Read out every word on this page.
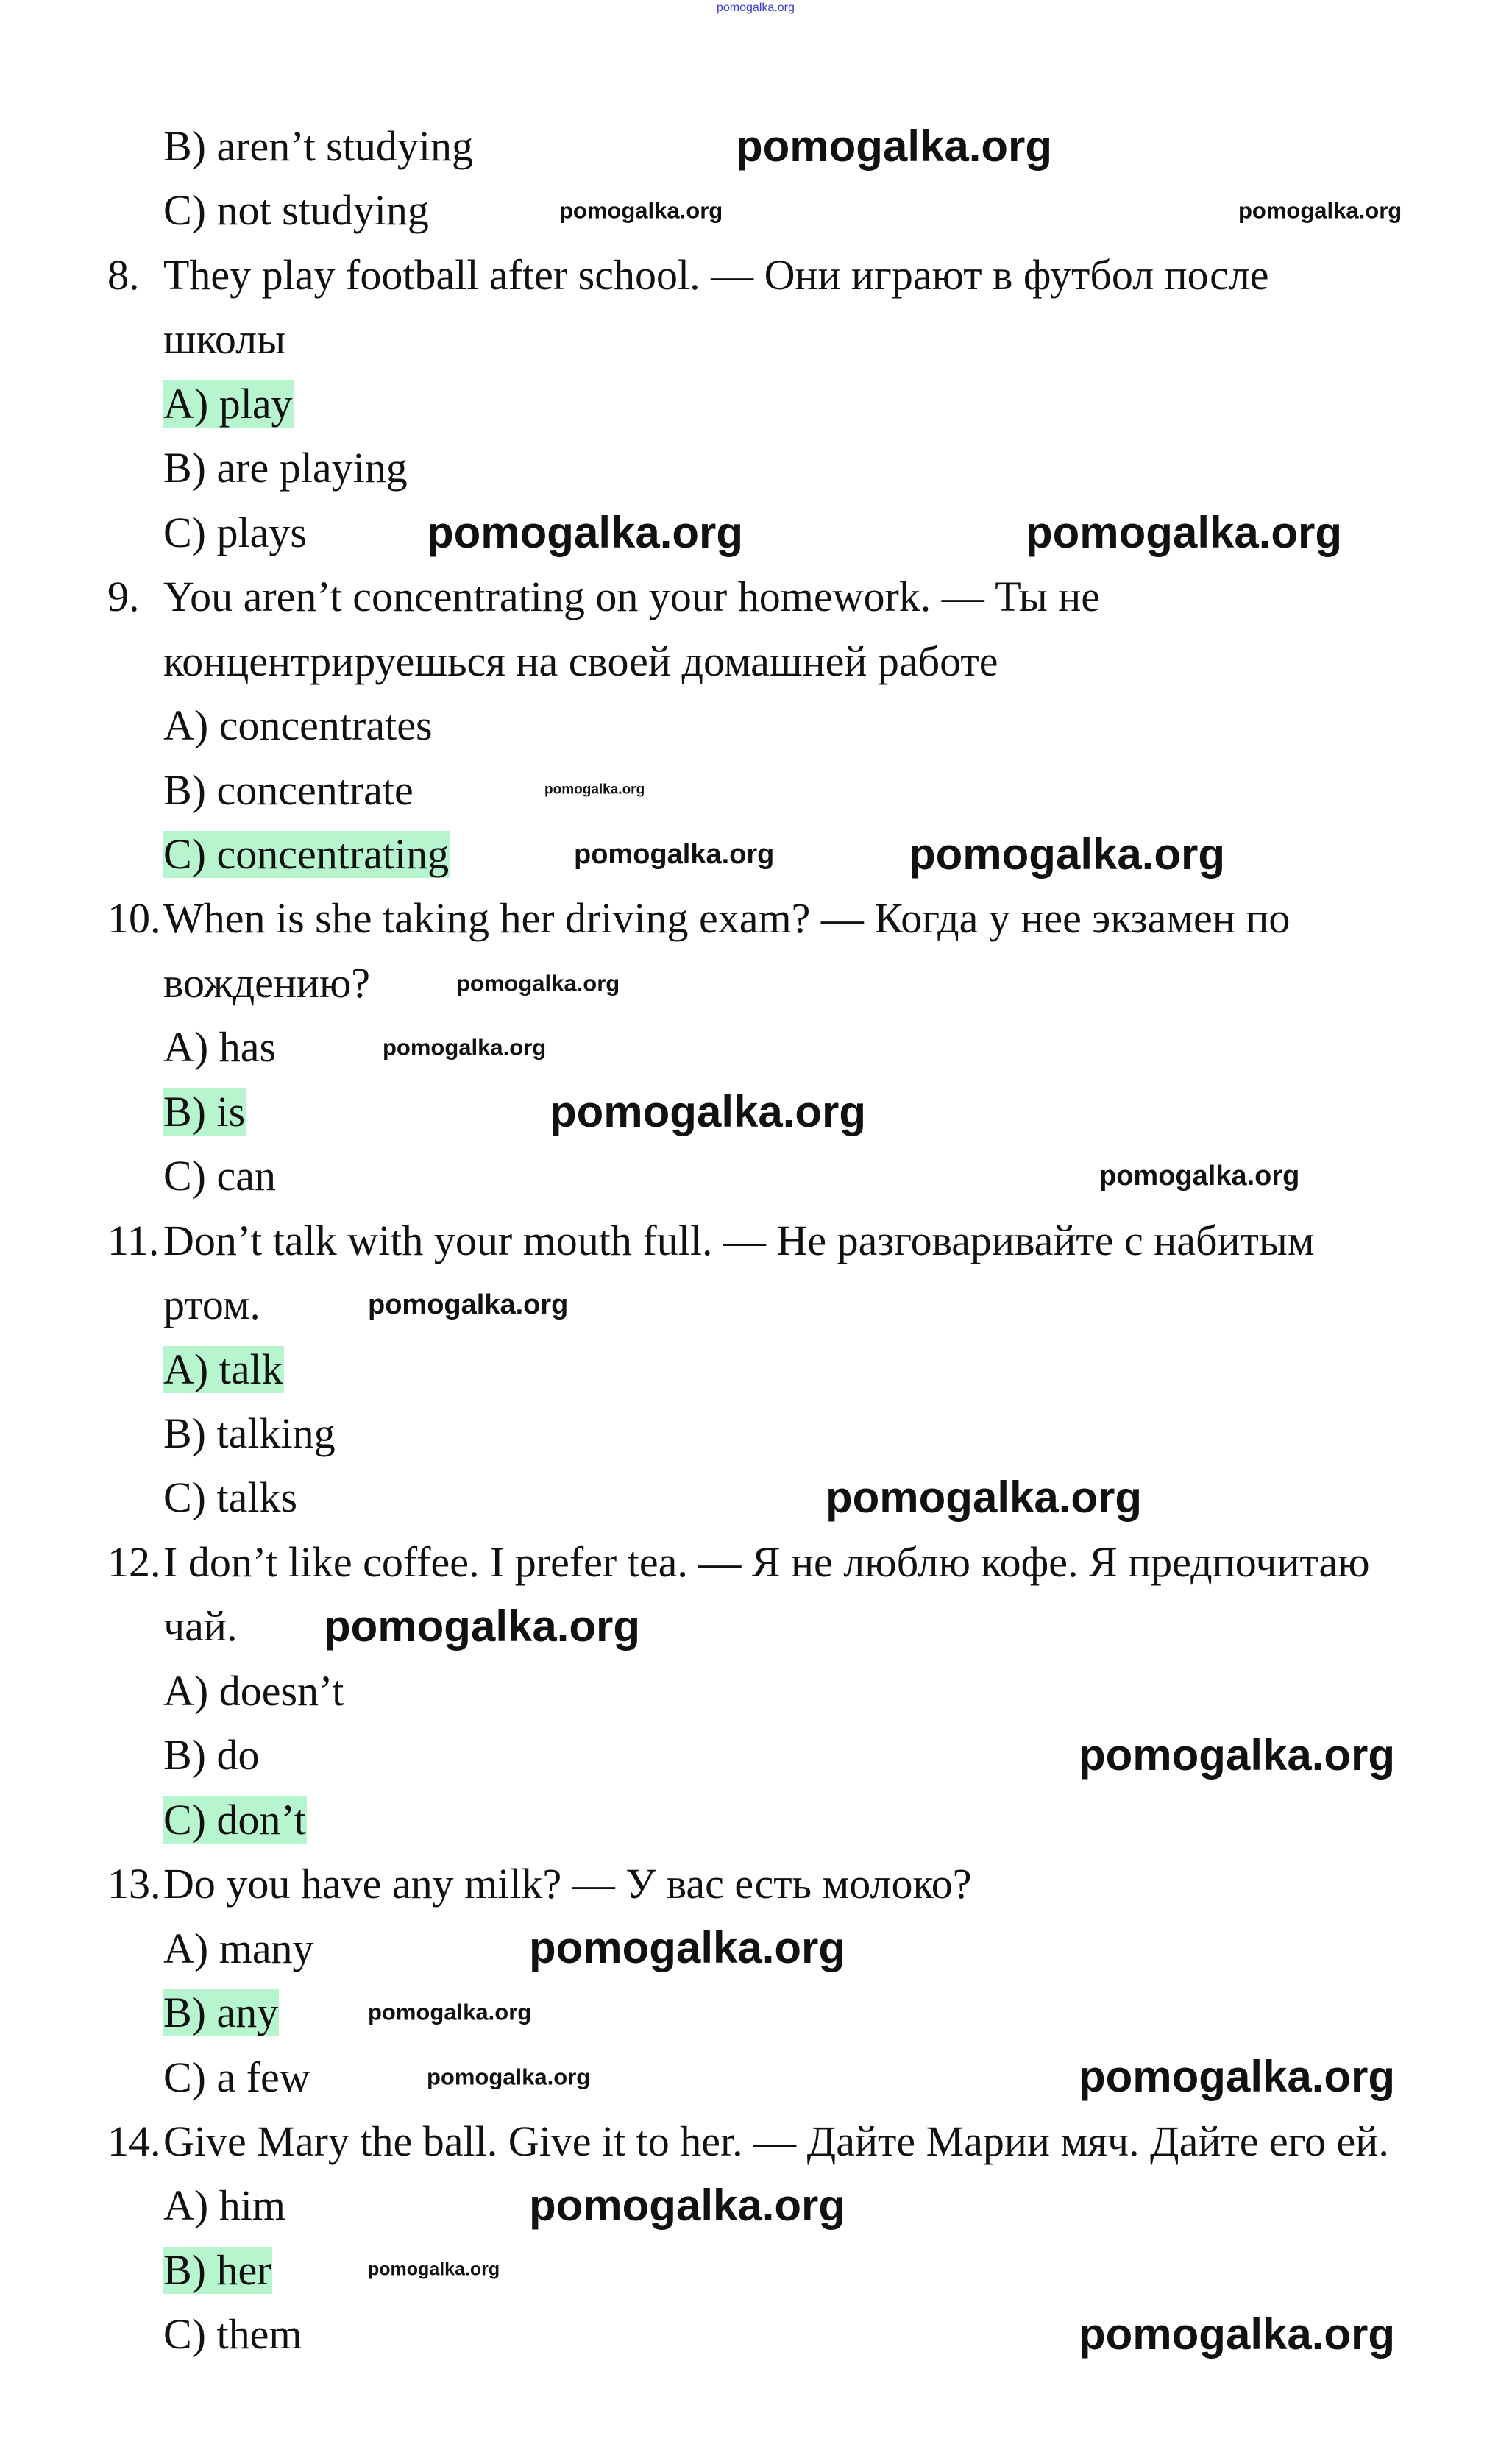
B) aren’t studying
C) not studying
8. They play football after school. — Они играют в футбол после
школы
A) play
B) are playing
C) plays
9. You aren’t concentrating on your homework. — Ты не
концентрируешься на своей домашней работе
A) concentrates
B) concentrate
C) concentrating
10. When is she taking her driving exam? — Когда у нее экзамен по
вождению?
A) has
B) is
C) can
11. Don’t talk with your mouth full. — Не разговаривайте с набитым
ртом.
A) talk
B) talking
C) talks
12. I don’t like coffee. I prefer tea. — Я не люблю кофе. Я предпочитаю
чай.
A) doesn’t
B) do
C) don’t
13. Do you have any milk? — У вас есть молоко?
A) many
B) any
C) a few
14. Give Mary the ball. Give it to her. — Дайте Марии мяч. Дайте его ей.
A) him
B) her
C) them
pomogalka.org
pomogalka.org
pomogalka.org	pomogalka.org
pomogalka.org	pomogalka.org
pomogalka.org
pomogalka.org	pomogalka.org
pomogalka.org
pomogalka.org
pomogalka.org
pomogalka.org
pomogalka.org
pomogalka.org
pomogalka.org
pomogalka.org
pomogalka.org
pomogalka.org
pomogalka.org
pomogalka.org
pomogalka.org
pomogalka.org
pomogalka.org
